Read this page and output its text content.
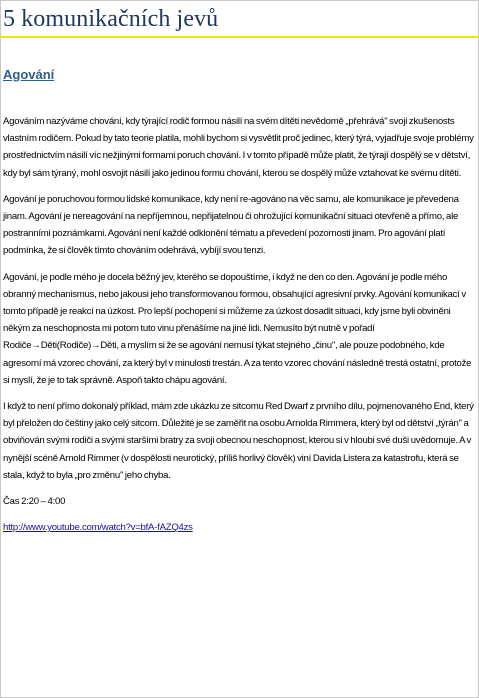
5 komunikačních jevů
Agování

Agováním nazýváme chování, kdy týrající rodič formou násilí na svém dítěti nevědomě „přehrává" svoji zkušenosts vlastním rodičem. Pokud by tato teorie platila, mohli bychom si vysvětlit proč jedinec, který týrá, vyjadřuje svoje problémy prostřednictvím násilí víc nežjinými formami poruch chování. I v tomto případě může platit, že týrají dospělý se v dětství, kdy byl sám týraný, mohl osvojit násilí jako jedinou formu chování, kterou se dospělý může vztahovat ke svému dítěti.

Agování je poruchovou formou lidské komunikace, kdy není re-agováno na věc samu, ale komunikace je převedena jinam. Agování je nereagování na nepříjemnou, nepřijatelnou či ohrožující komunikační situaci otevřeně a přímo, ale postranními poznámkami. Agování není každé odklonění tématu a převedení pozornosti jinam. Pro agování platí podmínka, že si člověk tímto chováním odehrává, vybíjí svou tenzi.

Agování, je podle mého je docela běžný jev, kterého se dopouštíme, i když ne den co den. Agování je podle mého obranný mechanismus, nebo jakousi jeho transformovanou formou, obsahující agresivní prvky. Agování komunikací v tomto případě je reakcí na úzkost. Pro lepší pochopení si můžeme za úzkost dosadit situaci, kdy jsme byli obviněni někým za neschopnosta mi potom tuto vinu přenášíme na jiné lidi. Nemusíto být nutně v pořadí Rodiče→Děti(Rodiče)→Děti, a myslím si že se agování nemusí týkat stejného „činu", ale pouze podobného, kde agresorní má vzorec chování, za který byl v minulosti trestán. A za tento vzorec chování následně trestá ostatní, protože si myslí, že je to tak správně. Aspoň takto chápu agování.

I když to není přímo dokonalý příklad, mám zde ukázku ze sitcomu Red Dwarf z prvního dílu, pojmenovaného End, který byl přeložen do češtiny jako celý sitcom. Důležité je se zaměřit na osobu Arnolda Rimmera, který byl od dětství „týrán" a obviňován svými rodiči a svými staršími bratry za svoji obecnou neschopnost, kterou si v hloubi své duši uvědomuje. A v nynější scéně Arnold Rimmer (v dospělosti neurotický, příliš horlivý člověk) viní Davida Listera za katastrofu, která se stala, když to byla „pro změnu" jeho chyba.

Čas 2:20 – 4:00

http://www.youtube.com/watch?v=bfA-fAZQ4zs
